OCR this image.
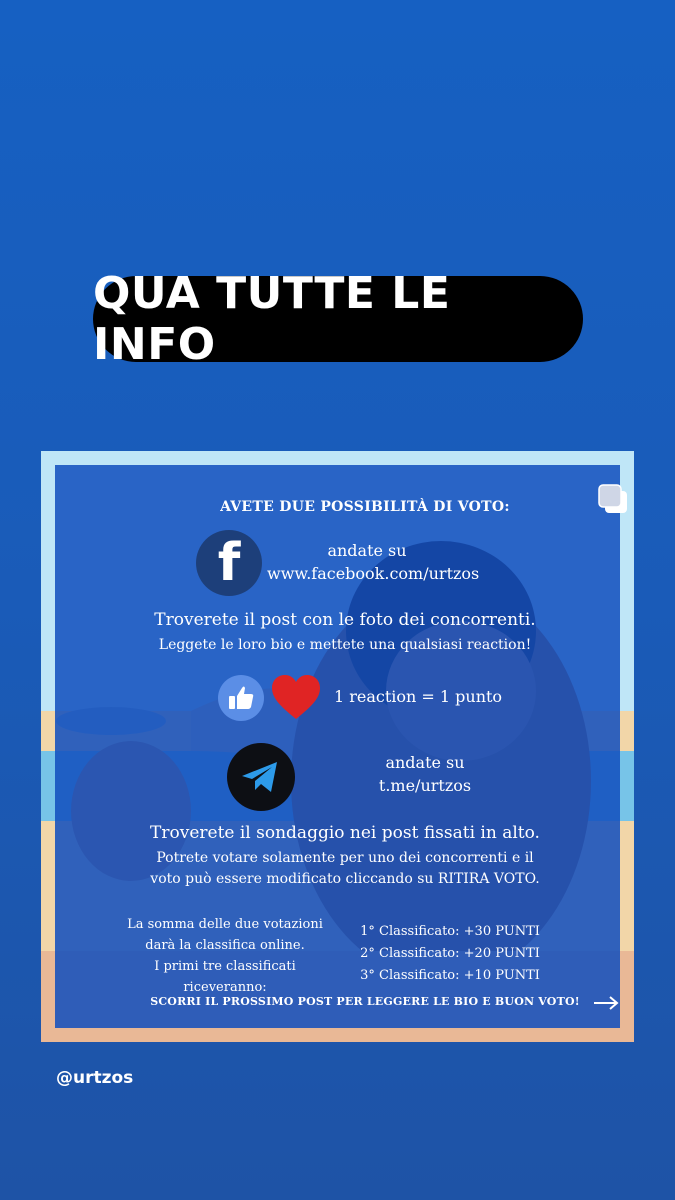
QUA TUTTE LE INFO
AVETE DUE POSSIBILITÀ DI VOTO:
f	andate su
www.facebook.com/urtzos
Troverete il post con le foto dei concorrenti.
Leggete le loro bio e mettete una qualsiasi reaction!
1 reaction = 1 punto
andate su
t.me/urtzos
Troverete il sondaggio nei post fissati in alto.
Potrete votare solamente per uno dei concorrenti e il
voto può essere modificato cliccando su RITIRA VOTO.
La somma delle due votazioni
darà la classifica online.
I primi tre classificati
riceveranno:
1° Classificato: +30 PUNTI
2° Classificato: +20 PUNTI
3° Classificato: +10 PUNTI
SCORRI IL PROSSIMO POST PER LEGGERE LE BIO E BUON VOTO!
@urtzos
